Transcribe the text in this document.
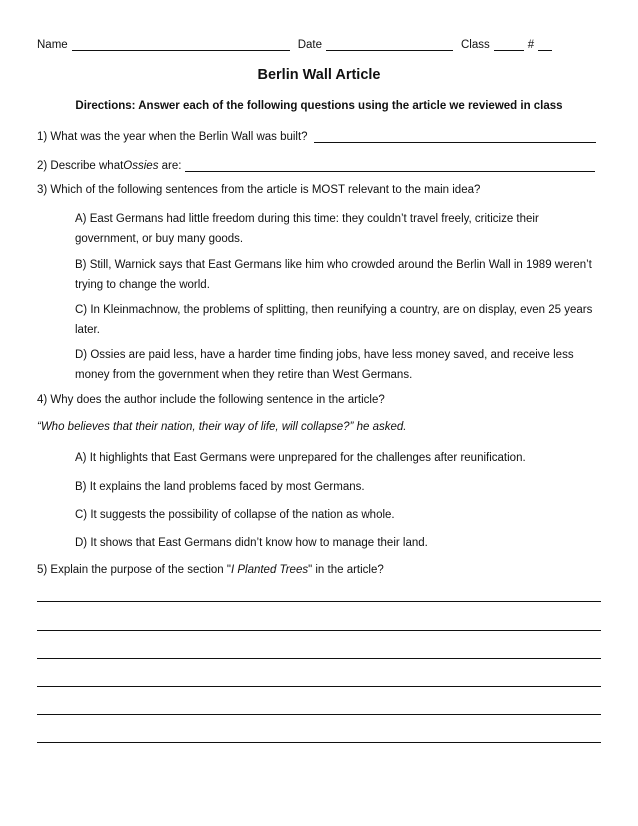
Name	Date	Class	#
Berlin Wall Article
Directions: Answer each of the following questions using the article we reviewed in class
1) What was the year when the Berlin Wall was built?
2) Describe what Ossies are:
3) Which of the following sentences from the article is MOST relevant to the main idea?
A) East Germans had little freedom during this time: they couldn’t travel freely, criticize their government, or buy many goods.
B) Still, Warnick says that East Germans like him who crowded around the Berlin Wall in 1989 weren’t trying to change the world.
C) In Kleinmachnow, the problems of splitting, then reunifying a country, are on display, even 25 years later.
D) Ossies are paid less, have a harder time finding jobs, have less money saved, and receive less money from the government when they retire than West Germans.
4) Why does the author include the following sentence in the article?
“Who believes that their nation, their way of life, will collapse?” he asked.
A) It highlights that East Germans were unprepared for the challenges after reunification.
B) It explains the land problems faced by most Germans.
C) It suggests the possibility of collapse of the nation as whole.
D) It shows that East Germans didn’t know how to manage their land.
5) Explain the purpose of the section " I Planted Trees " in the article?
